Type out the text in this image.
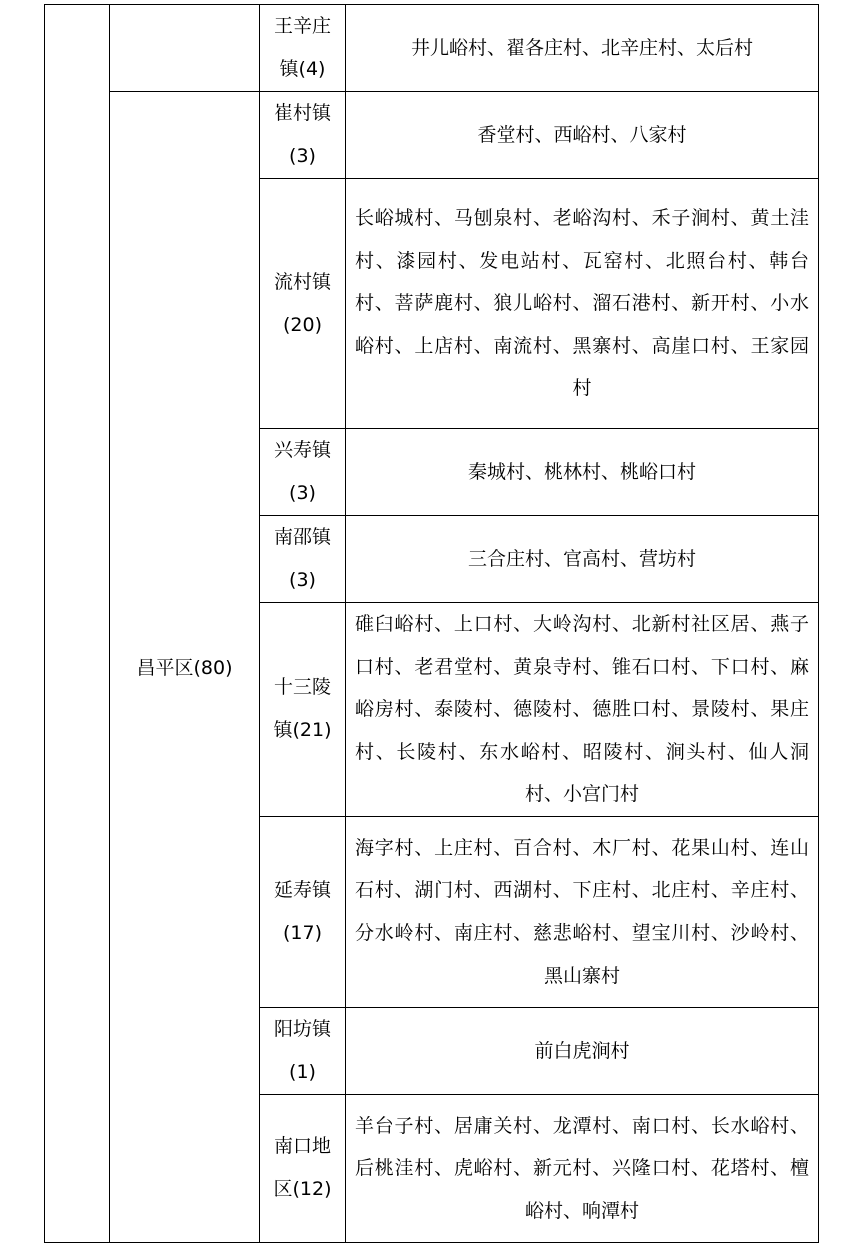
		王辛庄镇(4)	井儿峪村、翟各庄村、北辛庄村、太后村

	昌平区(80)	崔村镇(3)	香堂村、西峪村、八家村

		流村镇(20)	长峪城村、马刨泉村、老峪沟村、禾子涧村、黄土洼村、漆园村、发电站村、瓦窑村、北照台村、韩台村、菩萨鹿村、狼儿峪村、溜石港村、新开村、小水峪村、上店村、南流村、黑寨村、高崖口村、王家园村

		兴寿镇(3)	秦城村、桃林村、桃峪口村

		南邵镇(3)	三合庄村、官高村、营坊村

		十三陵镇(21)	碓臼峪村、上口村、大岭沟村、北新村社区居、燕子口村、老君堂村、黄泉寺村、锥石口村、下口村、麻峪房村、泰陵村、德陵村、德胜口村、景陵村、果庄村、长陵村、东水峪村、昭陵村、涧头村、仙人洞村、小宫门村

		延寿镇(17)	海字村、上庄村、百合村、木厂村、花果山村、连山石村、湖门村、西湖村、下庄村、北庄村、辛庄村、分水岭村、南庄村、慈悲峪村、望宝川村、沙岭村、黑山寨村

		阳坊镇(1)	前白虎涧村

		南口地区(12)	羊台子村、居庸关村、龙潭村、南口村、长水峪村、后桃洼村、虎峪村、新元村、兴隆口村、花塔村、檀峪村、响潭村
